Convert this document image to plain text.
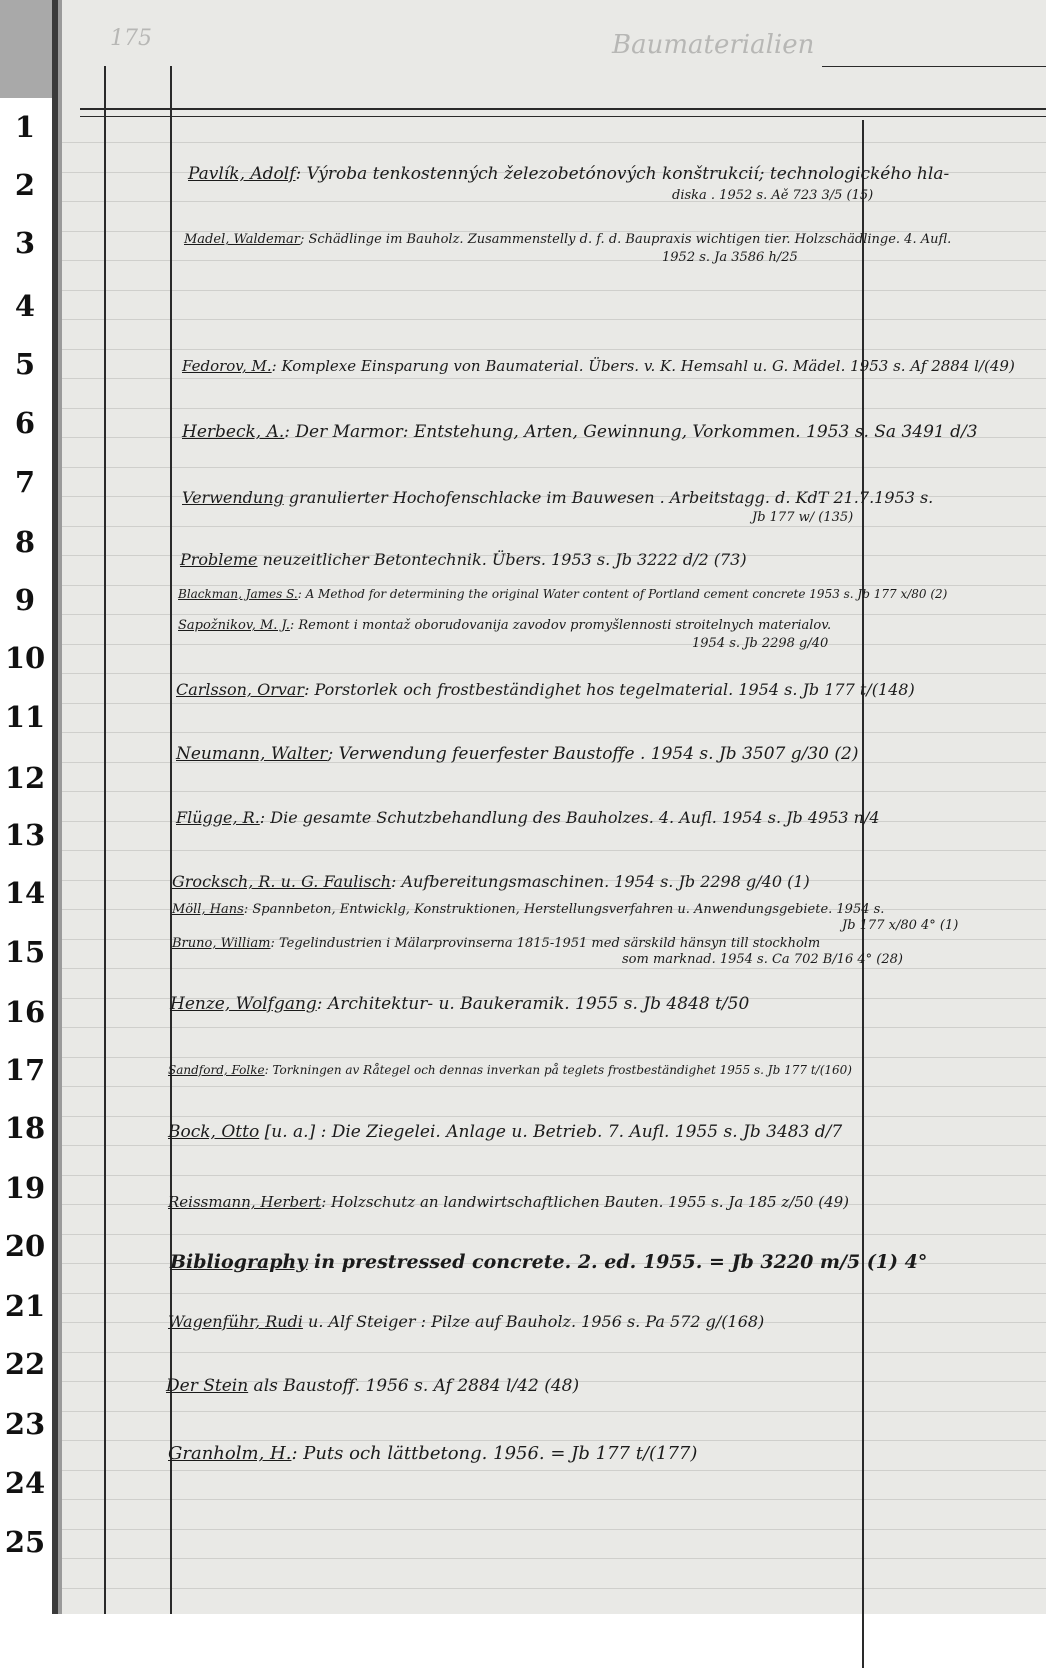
1
2
3
4
5
6
7
8
9
10
11
12
13
14
15
16
17
18
19
20
21
22
23
24
25
175	Baumaterialien
Pavlík, Adolf: Výroba tenkostenných železobetónových konštrukcií; technologického hla-
diska . 1952 s. Aě 723 3/5 (15)
Madel, Waldemar; Schädlinge im Bauholz. Zusammenstelly d. f. d. Baupraxis wichtigen tier. Holzschädlinge. 4. Aufl.
1952 s. Ja 3586 h/25
Fedorov, M.: Komplexe Einsparung von Baumaterial. Übers. v. K. Hemsahl u. G. Mädel. 1953 s. Af 2884 l/(49)
Herbeck, A.: Der Marmor: Entstehung, Arten, Gewinnung, Vorkommen. 1953 s. Sa 3491 d/3
Verwendung granulierter Hochofenschlacke im Bauwesen . Arbeitstagg. d. KdT 21.7.1953 s.
Jb 177 w/ (135)
Probleme neuzeitlicher Betontechnik. Übers. 1953 s. Jb 3222 d/2 (73)
Blackman, James S.: A Method for determining the original Water content of Portland cement concrete 1953 s. Jb 177 x/80 (2)
Sapožnikov, M. J.: Remont i montaž oborudovanija zavodov promyšlennosti stroitelnych materialov.
1954 s. Jb 2298 g/40
Carlsson, Orvar: Porstorlek och frostbeständighet hos tegelmaterial. 1954 s. Jb 177 t/(148)
Neumann, Walter; Verwendung feuerfester Baustoffe . 1954 s. Jb 3507 g/30 (2)
Flügge, R.: Die gesamte Schutzbehandlung des Bauholzes. 4. Aufl. 1954 s. Jb 4953 n/4
Grocksch, R. u. G. Faulisch: Aufbereitungsmaschinen. 1954 s. Jb 2298 g/40 (1)
Möll, Hans: Spannbeton, Entwicklg, Konstruktionen, Herstellungsverfahren u. Anwendungsgebiete. 1954 s.
Jb 177 x/80 4° (1)
Bruno, William: Tegelindustrien i Mälarprovinserna 1815-1951 med särskild hänsyn till stockholm
som marknad. 1954 s. Ca 702 B/16 4° (28)
Henze, Wolfgang: Architektur- u. Baukeramik. 1955 s. Jb 4848 t/50
Sandford, Folke: Torkningen av Råtegel och dennas inverkan på teglets frostbeständighet 1955 s. Jb 177 t/(160)
Bock, Otto [u. a.] : Die Ziegelei. Anlage u. Betrieb. 7. Aufl. 1955 s. Jb 3483 d/7
Reissmann, Herbert: Holzschutz an landwirtschaftlichen Bauten. 1955 s. Ja 185 z/50 (49)
Bibliography in prestressed concrete. 2. ed. 1955. = Jb 3220 m/5 (1) 4°
Wagenführ, Rudi u. Alf Steiger : Pilze auf Bauholz. 1956 s. Pa 572 g/(168)
Der Stein als Baustoff. 1956 s. Af 2884 l/42 (48)
Granholm, H.: Puts och lättbetong. 1956. = Jb 177 t/(177)
